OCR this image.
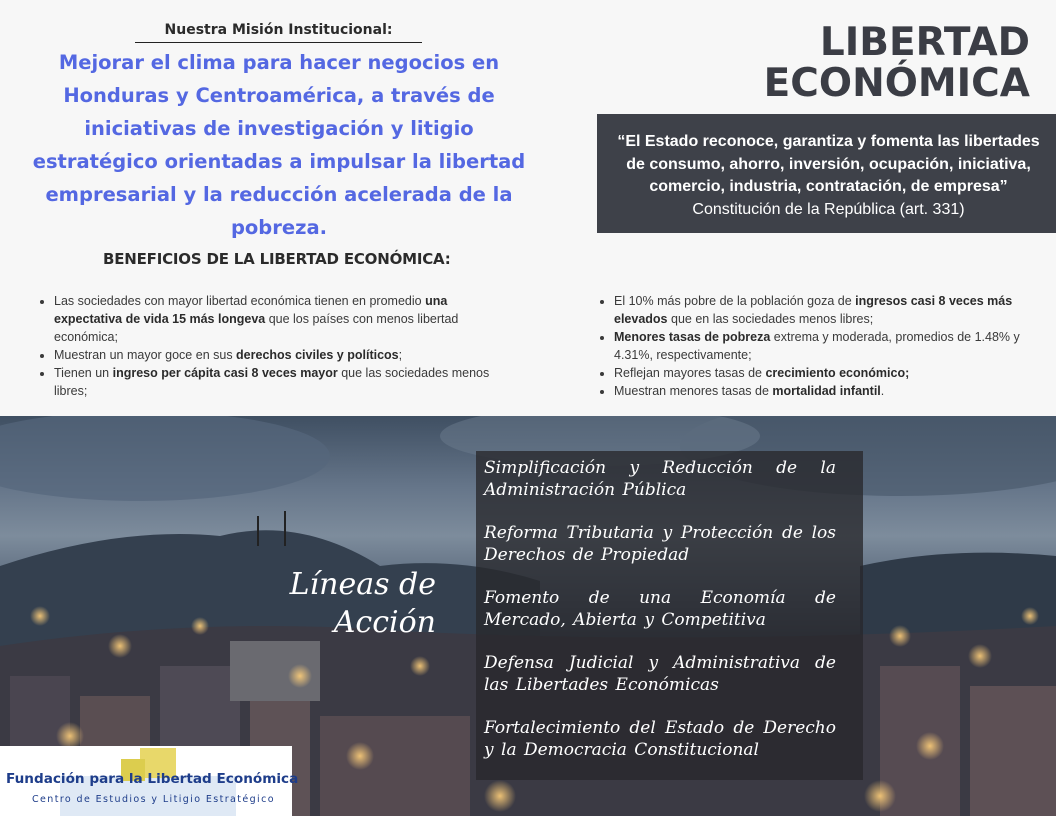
Nuestra Misión Institucional:
Mejorar el clima para hacer negocios en Honduras y Centroamérica, a través de iniciativas de investigación y litigio estratégico orientadas a impulsar la libertad empresarial y la reducción acelerada de la pobreza.
LIBERTAD
ECONÓMICA
“El Estado reconoce, garantiza y fomenta las libertades de consumo, ahorro, inversión, ocupación, iniciativa, comercio, industria, contratación, de empresa”
Constitución de la República (art. 331)
BENEFICIOS DE LA LIBERTAD ECONÓMICA:
• Las sociedades con mayor libertad económica tienen en promedio una expectativa de vida 15 más longeva que los países con menos libertad económica;
• Muestran un mayor goce en sus derechos civiles y políticos;
• Tienen un ingreso per cápita casi 8 veces mayor que las sociedades menos libres;
• El 10% más pobre de la población goza de ingresos casi 8 veces más elevados que en las sociedades menos libres;
• Menores tasas de pobreza extrema y moderada, promedios de 1.48% y 4.31%, respectivamente;
• Reflejan mayores tasas de crecimiento económico;
• Muestran menores tasas de mortalidad infantil.
Líneas de
Acción
Simplificación y Reducción de la Administración Pública
Reforma Tributaria y Protección de los Derechos de Propiedad
Fomento de una Economía de Mercado, Abierta y Competitiva
Defensa Judicial y Administrativa de las Libertades Económicas
Fortalecimiento del Estado de Derecho y la Democracia Constitucional
Fundación para la Libertad Económica
Centro de Estudios y Litigio Estratégico
